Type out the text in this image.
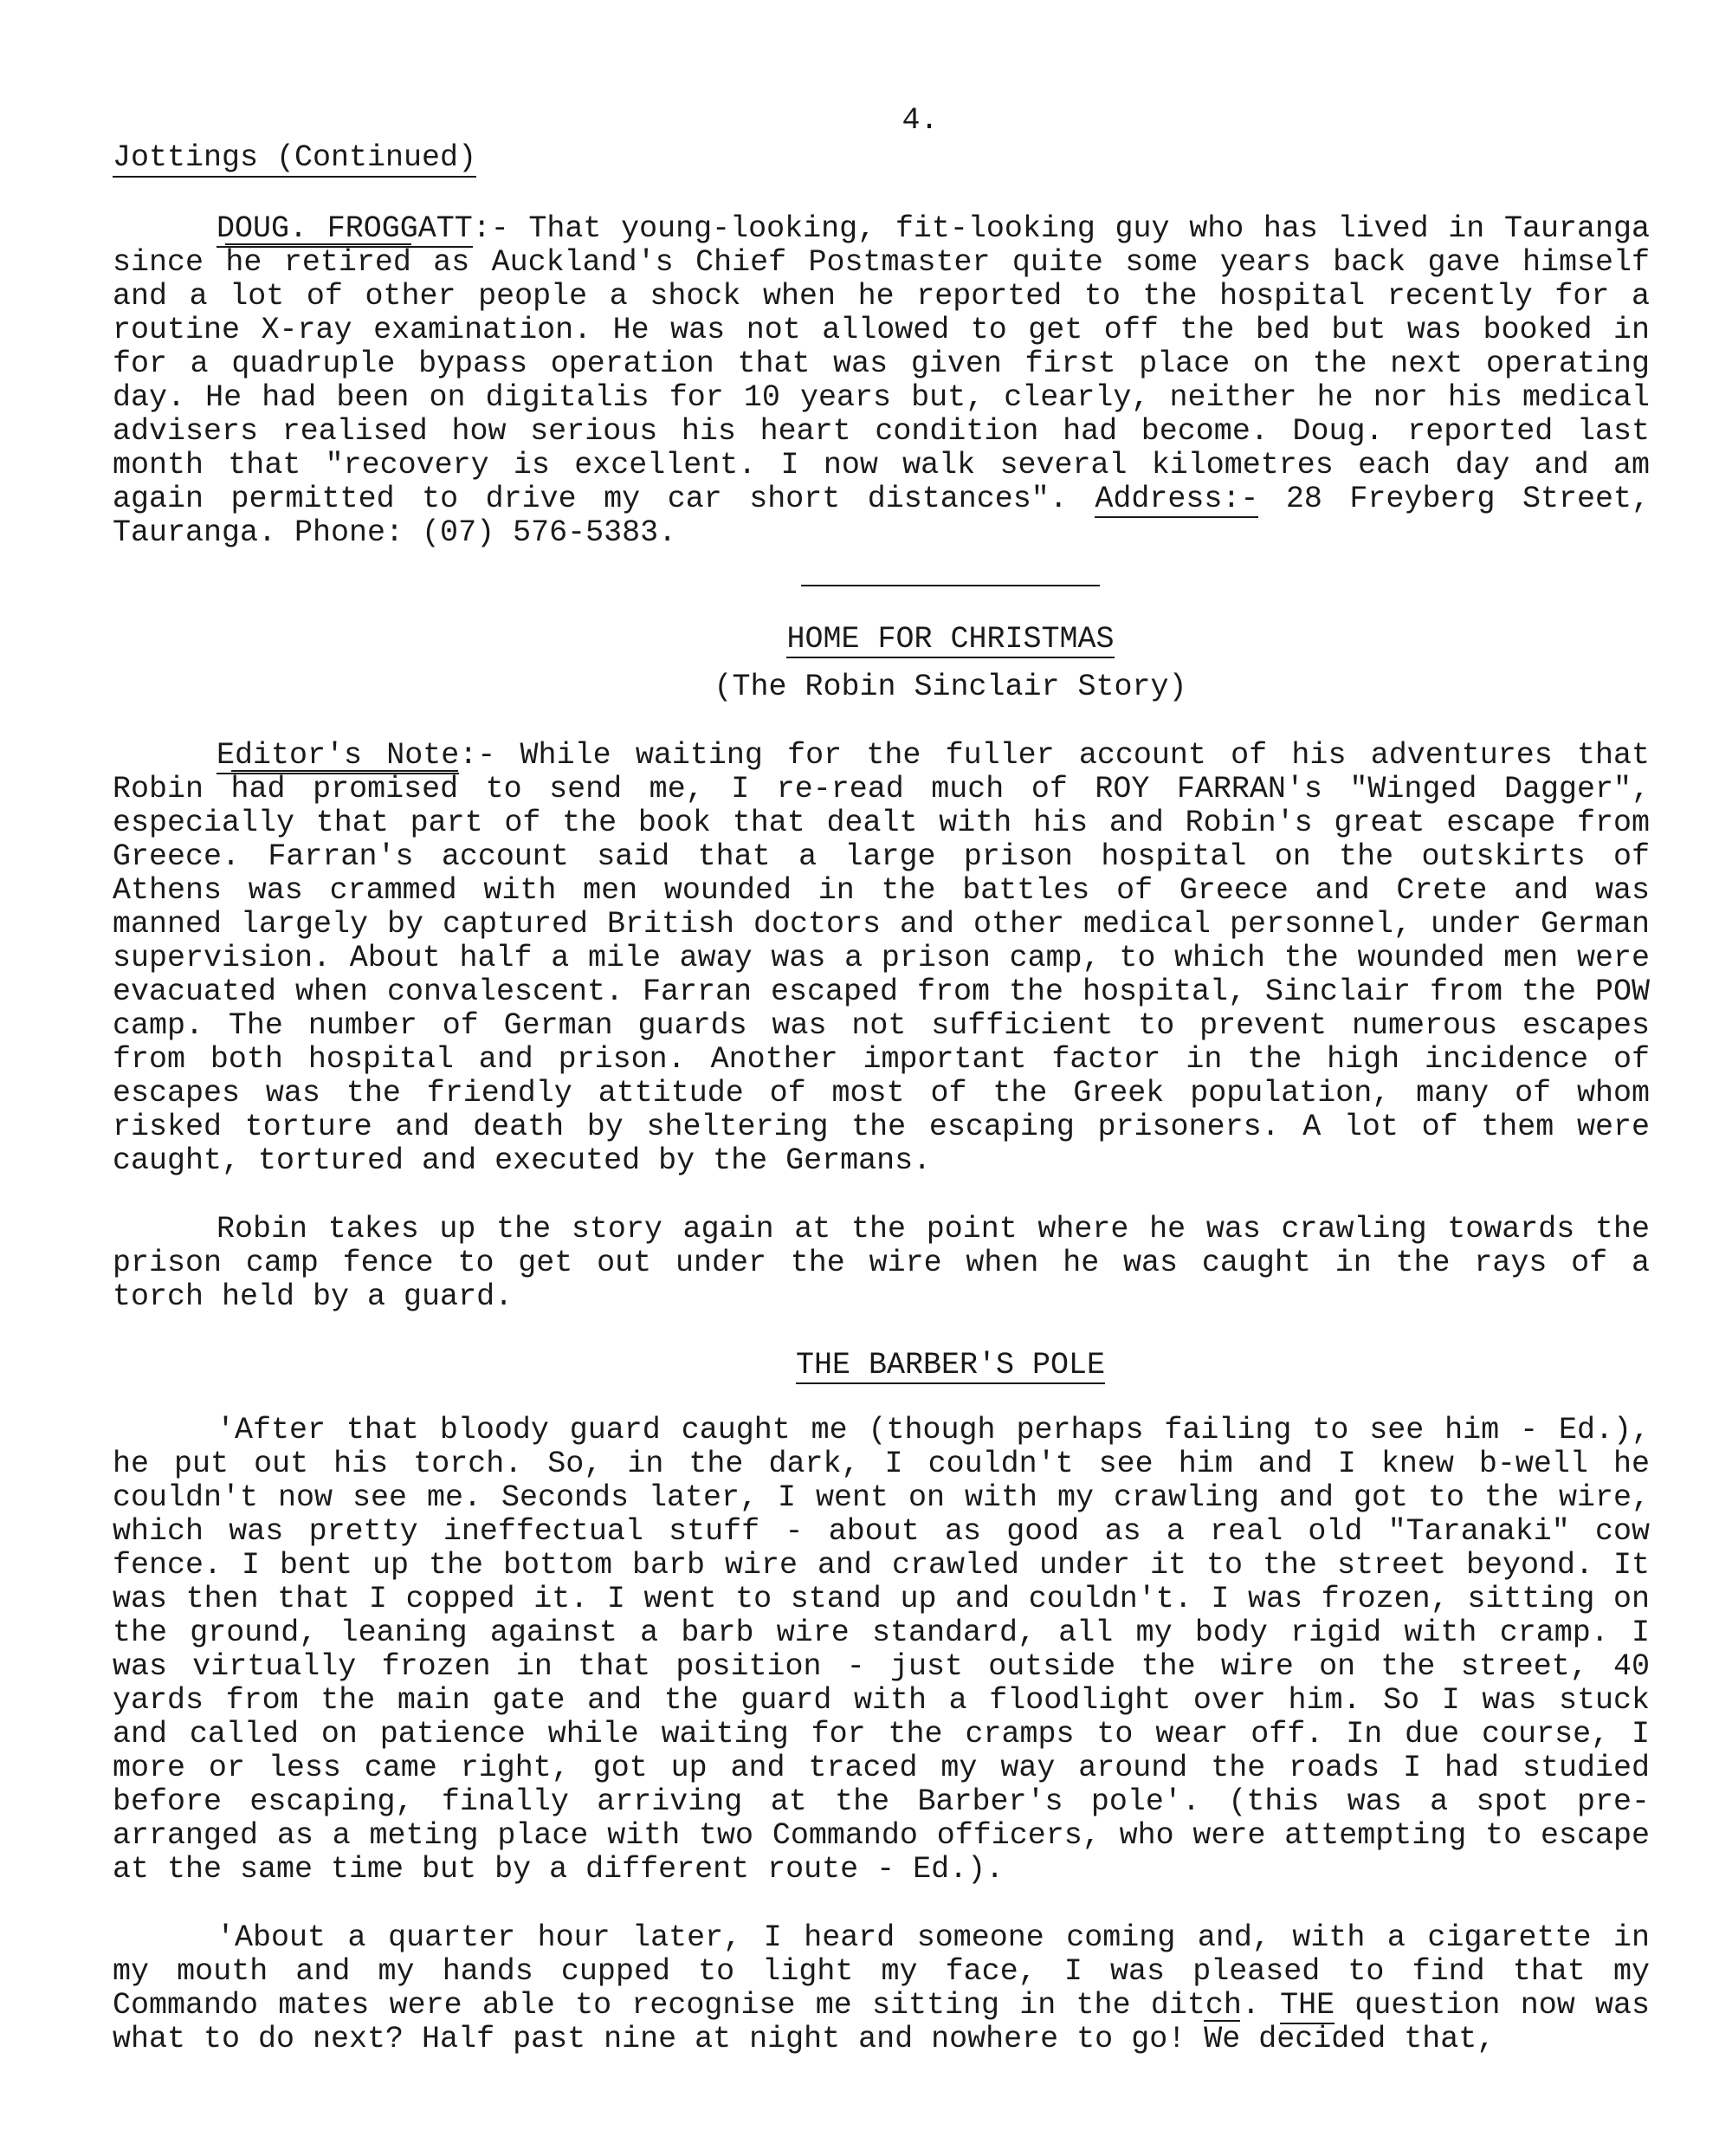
4.
Jottings (Continued)

DOUG. FROGGATT:- That young-looking, fit-looking guy who has lived in Tauranga since he retired as Auckland's Chief Postmaster quite some years back gave himself and a lot of other people a shock when he reported to the hospital recently for a routine X-ray examination. He was not allowed to get off the bed but was booked in for a quadruple bypass operation that was given first place on the next operating day. He had been on digitalis for 10 years but, clearly, neither he nor his medical advisers realised how serious his heart condition had become. Doug. reported last month that "recovery is excellent. I now walk several kilometres each day and am again permitted to drive my car short distances". Address:- 28 Freyberg Street, Tauranga. Phone: (07) 576-5383.

HOME FOR CHRISTMAS
(The Robin Sinclair Story)

Editor's Note:- While waiting for the fuller account of his adventures that Robin had promised to send me, I re-read much of ROY FARRAN's "Winged Dagger", especially that part of the book that dealt with his and Robin's great escape from Greece. Farran's account said that a large prison hospital on the outskirts of Athens was crammed with men wounded in the battles of Greece and Crete and was manned largely by captured British doctors and other medical personnel, under German supervision. About half a mile away was a prison camp, to which the wounded men were evacuated when convalescent. Farran escaped from the hospital, Sinclair from the POW camp. The number of German guards was not sufficient to prevent numerous escapes from both hospital and prison. Another important factor in the high incidence of escapes was the friendly attitude of most of the Greek population, many of whom risked torture and death by sheltering the escaping prisoners. A lot of them were caught, tortured and executed by the Germans.

Robin takes up the story again at the point where he was crawling towards the prison camp fence to get out under the wire when he was caught in the rays of a torch held by a guard.

THE BARBER'S POLE

'After that bloody guard caught me (though perhaps failing to see him - Ed.), he put out his torch. So, in the dark, I couldn't see him and I knew b-well he couldn't now see me. Seconds later, I went on with my crawling and got to the wire, which was pretty ineffectual stuff - about as good as a real old "Taranaki" cow fence. I bent up the bottom barb wire and crawled under it to the street beyond. It was then that I copped it. I went to stand up and couldn't. I was frozen, sitting on the ground, leaning against a barb wire standard, all my body rigid with cramp. I was virtually frozen in that position - just outside the wire on the street, 40 yards from the main gate and the guard with a floodlight over him. So I was stuck and called on patience while waiting for the cramps to wear off. In due course, I more or less came right, got up and traced my way around the roads I had studied before escaping, finally arriving at the Barber's pole'. (this was a spot pre-arranged as a meting place with two Commando officers, who were attempting to escape at the same time but by a different route - Ed.).

'About a quarter hour later, I heard someone coming and, with a cigarette in my mouth and my hands cupped to light my face, I was pleased to find that my Commando mates were able to recognise me sitting in the ditch. THE question now was what to do next? Half past nine at night and nowhere to go! We decided that,
